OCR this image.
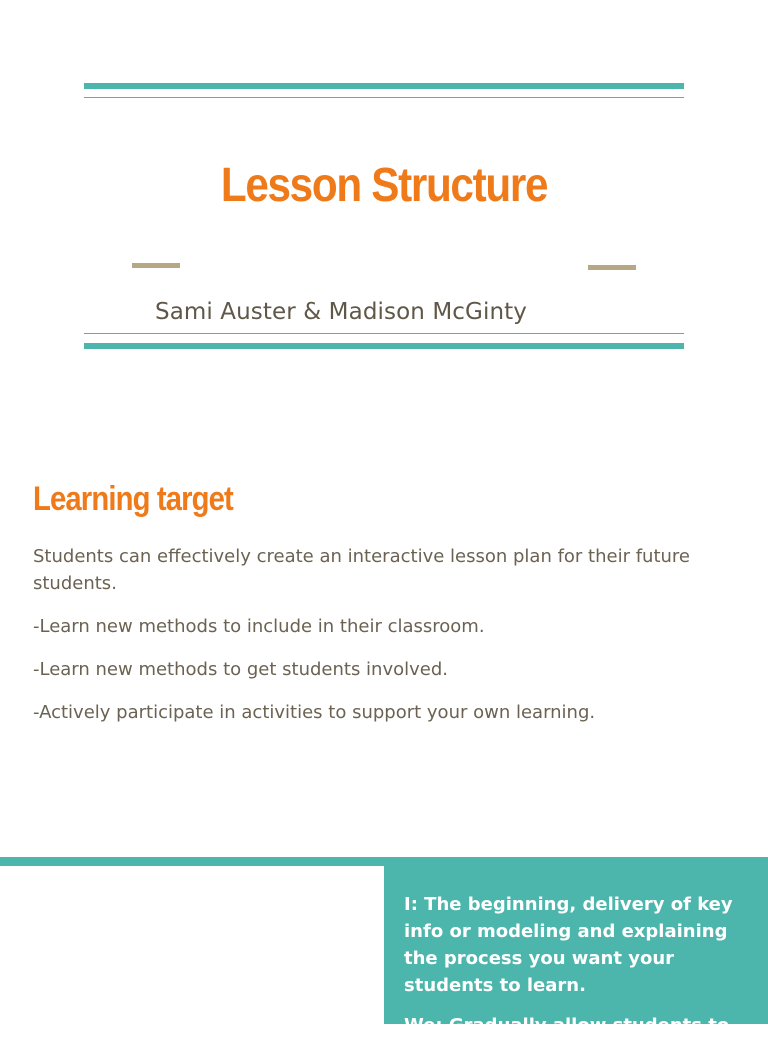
Lesson Structure
Sami Auster & Madison McGinty
Learning target
Students can effectively create an interactive lesson plan for their future students.
-Learn new methods to include in their classroom.
-Learn new methods to get students involved.
-Actively participate in activities to support your own learning.
I: The beginning, delivery of key info or modeling and explaining the process you want your students to learn.
We: Gradually allow students to
